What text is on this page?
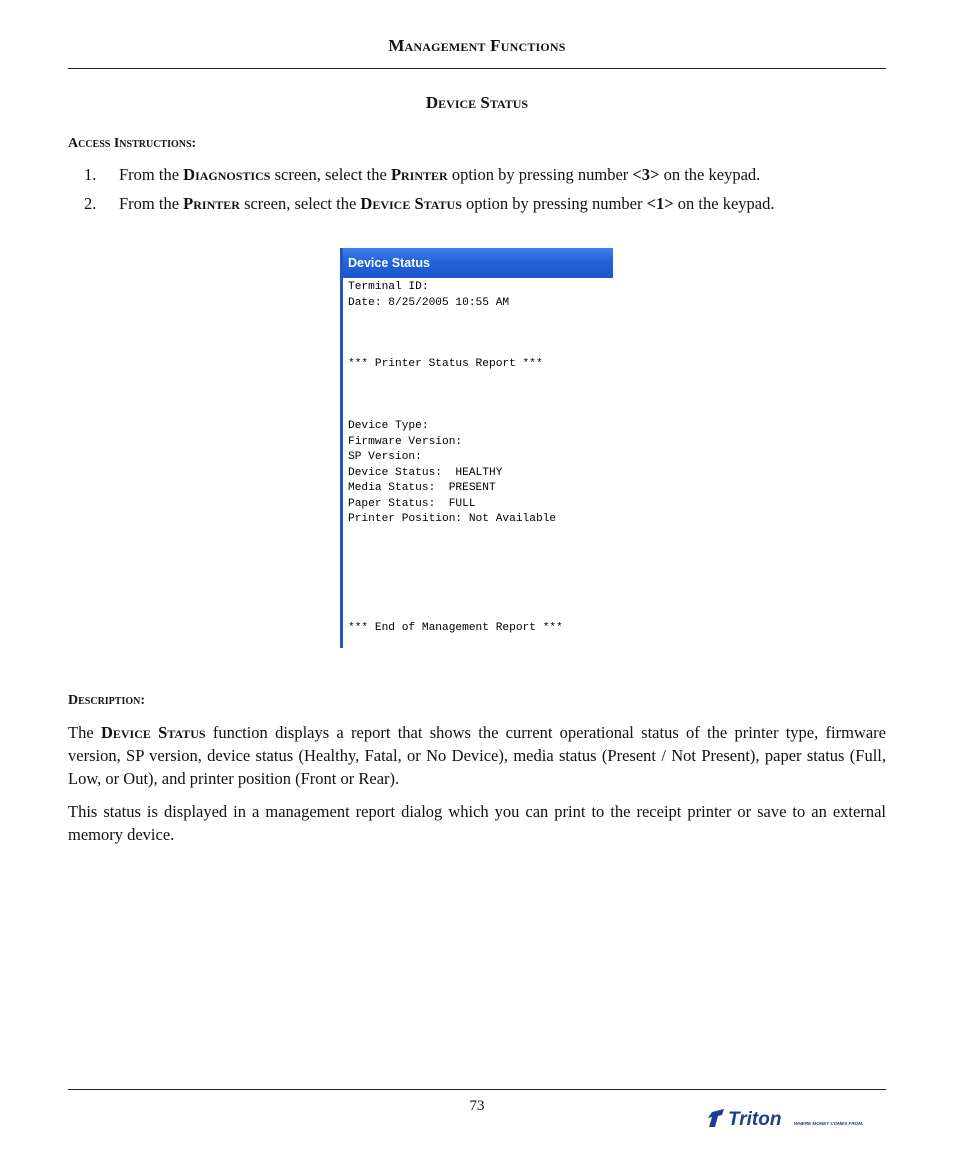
Management Functions
Device Status
Access Instructions:
1. From the Diagnostics screen, select the Printer option by pressing number <3> on the keypad.
2. From the Printer screen, select the Device Status option by pressing number <1> on the keypad.
Device Status
Terminal ID:
Date: 8/25/2005 10:55 AM
*** Printer Status Report ***
Device Type:
Firmware Version:
SP Version:
Device Status:  HEALTHY
Media Status:  PRESENT
Paper Status:  FULL
Printer Position: Not Available
*** End of Management Report ***
Description:
The Device Status function displays a report that shows the current operational status of the printer type, firmware version, SP version, device status (Healthy, Fatal, or No Device), media status (Present / Not Present), paper status (Full, Low, or Out), and printer position (Front or Rear).
This status is displayed in a management report dialog which you can print to the receipt printer or save to an external memory device.
73
Triton	WHERE MONEY COMES FROM.
